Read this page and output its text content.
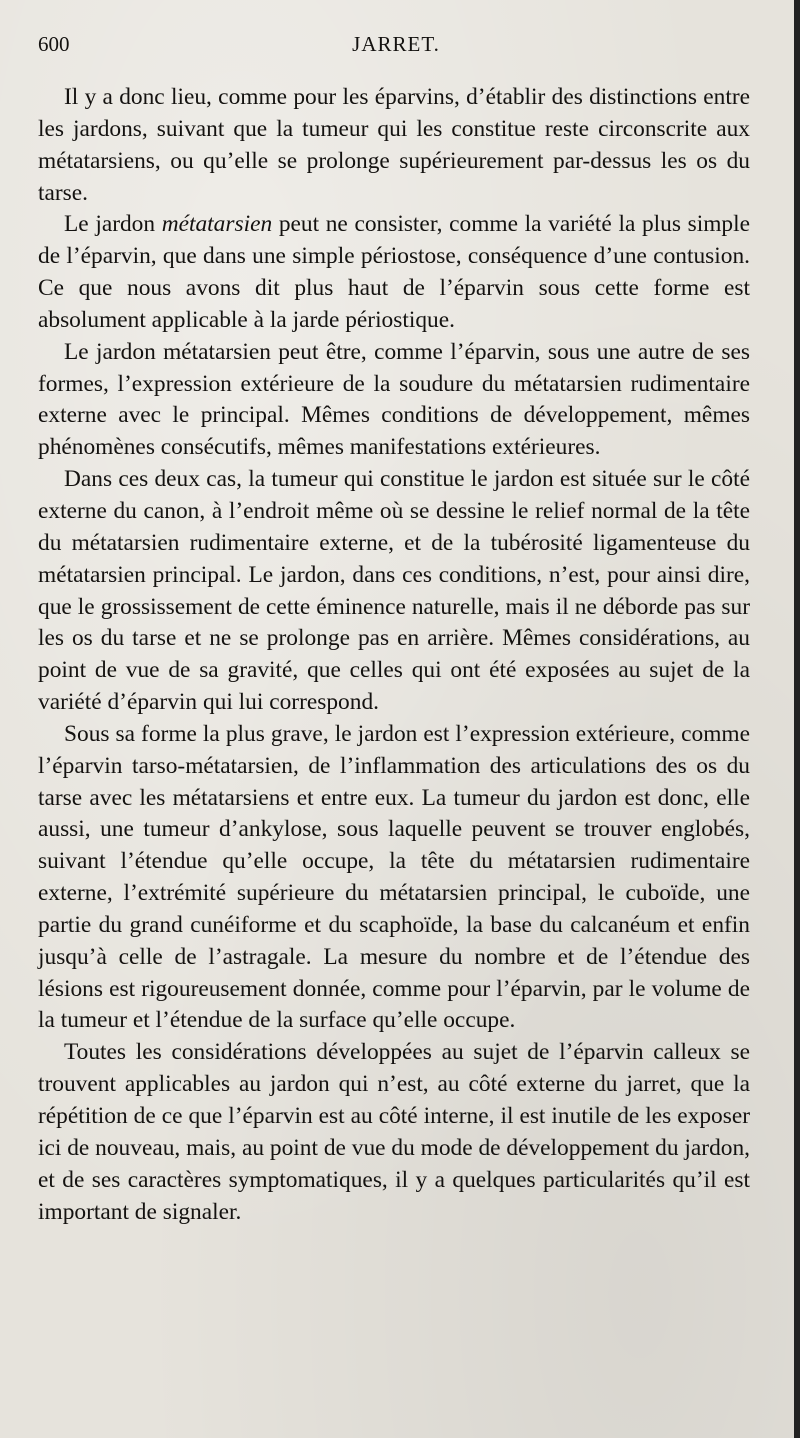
600	JARRET.

Il y a donc lieu, comme pour les éparvins, d’établir des distinctions entre les jardons, suivant que la tumeur qui les constitue reste circonscrite aux métatarsiens, ou qu’elle se prolonge supérieurement par-dessus les os du tarse.

Le jardon métatarsien peut ne consister, comme la variété la plus simple de l’éparvin, que dans une simple périostose, conséquence d’une contusion. Ce que nous avons dit plus haut de l’éparvin sous cette forme est absolument applicable à la jarde périostique.

Le jardon métatarsien peut être, comme l’éparvin, sous une autre de ses formes, l’expression extérieure de la soudure du métatarsien rudimentaire externe avec le principal. Mêmes conditions de développement, mêmes phénomènes consécutifs, mêmes manifestations extérieures.

Dans ces deux cas, la tumeur qui constitue le jardon est située sur le côté externe du canon, à l’endroit même où se dessine le relief normal de la tête du métatarsien rudimentaire externe, et de la tubérosité ligamenteuse du métatarsien principal. Le jardon, dans ces conditions, n’est, pour ainsi dire, que le grossissement de cette éminence naturelle, mais il ne déborde pas sur les os du tarse et ne se prolonge pas en arrière. Mêmes considérations, au point de vue de sa gravité, que celles qui ont été exposées au sujet de la variété d’éparvin qui lui correspond.

Sous sa forme la plus grave, le jardon est l’expression extérieure, comme l’éparvin tarso-métatarsien, de l’inflammation des articulations des os du tarse avec les métatarsiens et entre eux. La tumeur du jardon est donc, elle aussi, une tumeur d’ankylose, sous laquelle peuvent se trouver englobés, suivant l’étendue qu’elle occupe, la tête du métatarsien rudimentaire externe, l’extrémité supérieure du métatarsien principal, le cuboïde, une partie du grand cunéiforme et du scaphoïde, la base du calcanéum et enfin jusqu’à celle de l’astragale. La mesure du nombre et de l’étendue des lésions est rigoureusement donnée, comme pour l’éparvin, par le volume de la tumeur et l’étendue de la surface qu’elle occupe.

Toutes les considérations développées au sujet de l’éparvin calleux se trouvent applicables au jardon qui n’est, au côté externe du jarret, que la répétition de ce que l’éparvin est au côté interne, il est inutile de les exposer ici de nouveau, mais, au point de vue du mode de développement du jardon, et de ses caractères symptomatiques, il y a quelques particularités qu’il est important de signaler.
